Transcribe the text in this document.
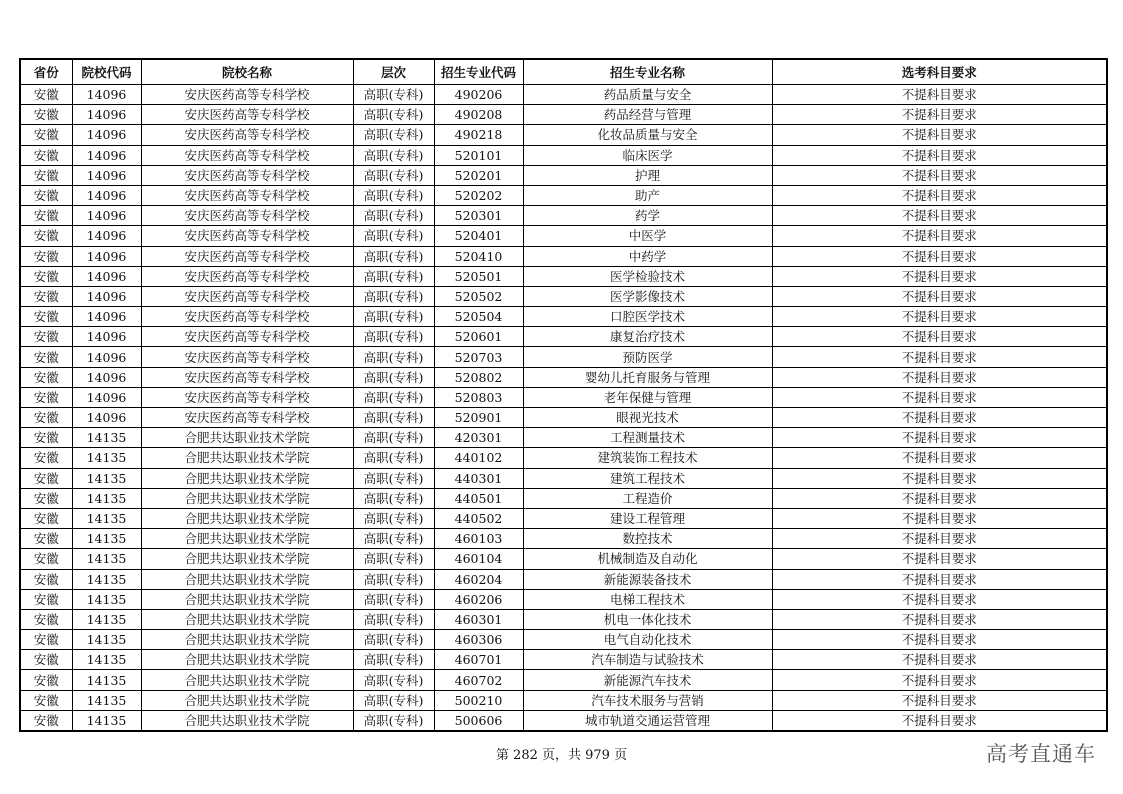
省份	院校代码	院校名称	层次	招生专业代码	招生专业名称	选考科目要求
安徽	14096	安庆医药高等专科学校	高职(专科)	490206	药品质量与安全	不提科目要求
安徽	14096	安庆医药高等专科学校	高职(专科)	490208	药品经营与管理	不提科目要求
安徽	14096	安庆医药高等专科学校	高职(专科)	490218	化妆品质量与安全	不提科目要求
安徽	14096	安庆医药高等专科学校	高职(专科)	520101	临床医学	不提科目要求
安徽	14096	安庆医药高等专科学校	高职(专科)	520201	护理	不提科目要求
安徽	14096	安庆医药高等专科学校	高职(专科)	520202	助产	不提科目要求
安徽	14096	安庆医药高等专科学校	高职(专科)	520301	药学	不提科目要求
安徽	14096	安庆医药高等专科学校	高职(专科)	520401	中医学	不提科目要求
安徽	14096	安庆医药高等专科学校	高职(专科)	520410	中药学	不提科目要求
安徽	14096	安庆医药高等专科学校	高职(专科)	520501	医学检验技术	不提科目要求
安徽	14096	安庆医药高等专科学校	高职(专科)	520502	医学影像技术	不提科目要求
安徽	14096	安庆医药高等专科学校	高职(专科)	520504	口腔医学技术	不提科目要求
安徽	14096	安庆医药高等专科学校	高职(专科)	520601	康复治疗技术	不提科目要求
安徽	14096	安庆医药高等专科学校	高职(专科)	520703	预防医学	不提科目要求
安徽	14096	安庆医药高等专科学校	高职(专科)	520802	婴幼儿托育服务与管理	不提科目要求
安徽	14096	安庆医药高等专科学校	高职(专科)	520803	老年保健与管理	不提科目要求
安徽	14096	安庆医药高等专科学校	高职(专科)	520901	眼视光技术	不提科目要求
安徽	14135	合肥共达职业技术学院	高职(专科)	420301	工程测量技术	不提科目要求
安徽	14135	合肥共达职业技术学院	高职(专科)	440102	建筑装饰工程技术	不提科目要求
安徽	14135	合肥共达职业技术学院	高职(专科)	440301	建筑工程技术	不提科目要求
安徽	14135	合肥共达职业技术学院	高职(专科)	440501	工程造价	不提科目要求
安徽	14135	合肥共达职业技术学院	高职(专科)	440502	建设工程管理	不提科目要求
安徽	14135	合肥共达职业技术学院	高职(专科)	460103	数控技术	不提科目要求
安徽	14135	合肥共达职业技术学院	高职(专科)	460104	机械制造及自动化	不提科目要求
安徽	14135	合肥共达职业技术学院	高职(专科)	460204	新能源装备技术	不提科目要求
安徽	14135	合肥共达职业技术学院	高职(专科)	460206	电梯工程技术	不提科目要求
安徽	14135	合肥共达职业技术学院	高职(专科)	460301	机电一体化技术	不提科目要求
安徽	14135	合肥共达职业技术学院	高职(专科)	460306	电气自动化技术	不提科目要求
安徽	14135	合肥共达职业技术学院	高职(专科)	460701	汽车制造与试验技术	不提科目要求
安徽	14135	合肥共达职业技术学院	高职(专科)	460702	新能源汽车技术	不提科目要求
安徽	14135	合肥共达职业技术学院	高职(专科)	500210	汽车技术服务与营销	不提科目要求
安徽	14135	合肥共达职业技术学院	高职(专科)	500606	城市轨道交通运营管理	不提科目要求
第 282 页，共 979 页	高考直通车
